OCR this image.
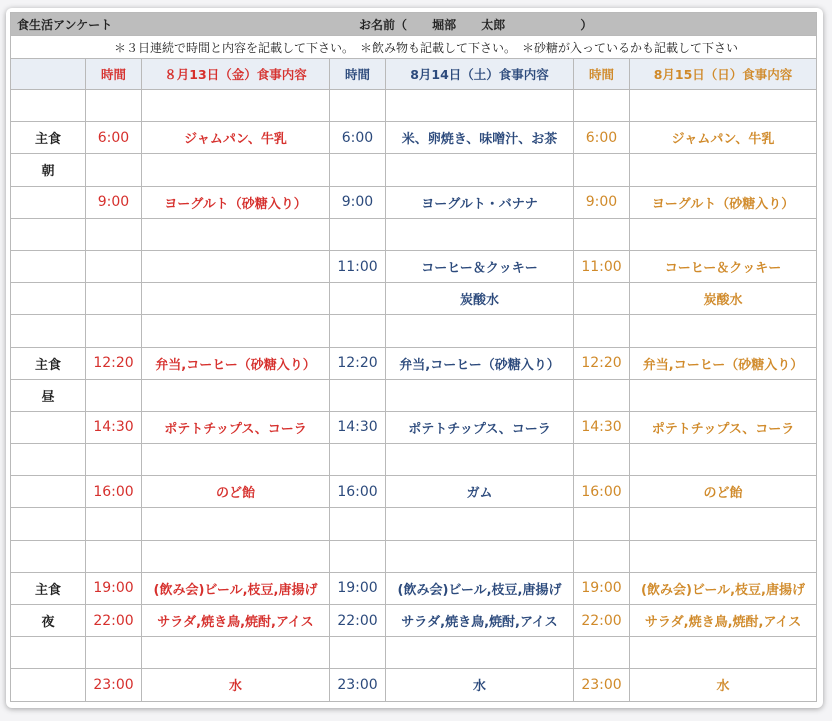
食生活アンケート お名前（ 堀部 太郎 ）						

＊３日連続で時間と内容を記載して下さい。　＊飲み物も記載して下さい。　＊砂糖が入っているかも記載して下さい						
	時間	８月13日（金）食事内容	時間	8月14日（土）食事内容	時間	8月15日（日）食事内容

主食	6:00	ジャムパン、牛乳	6:00	米、卵焼き、味噌汁、お茶	6:00	ジャムパン、牛乳
朝						
	9:00	ヨーグルト（砂糖入り）	9:00	ヨーグルト・バナナ	9:00	ヨーグルト（砂糖入り）

			11:00	コーヒー＆クッキー	11:00	コーヒー＆クッキー
				炭酸水		炭酸水

主食	12:20	弁当,コーヒー（砂糖入り）	12:20	弁当,コーヒー（砂糖入り）	12:20	弁当,コーヒー（砂糖入り）
昼						
	14:30	ポテトチップス、コーラ	14:30	ポテトチップス、コーラ	14:30	ポテトチップス、コーラ

	16:00	のど飴	16:00	ガム	16:00	のど飴

主食	19:00	(飲み会)ビール,枝豆,唐揚げ	19:00	(飲み会)ビール,枝豆,唐揚げ	19:00	(飲み会)ビール,枝豆,唐揚げ
夜	22:00	サラダ,焼き鳥,焼酎,アイス	22:00	サラダ,焼き鳥,焼酎,アイス	22:00	サラダ,焼き鳥,焼酎,アイス

	23:00	水	23:00	水	23:00	水
